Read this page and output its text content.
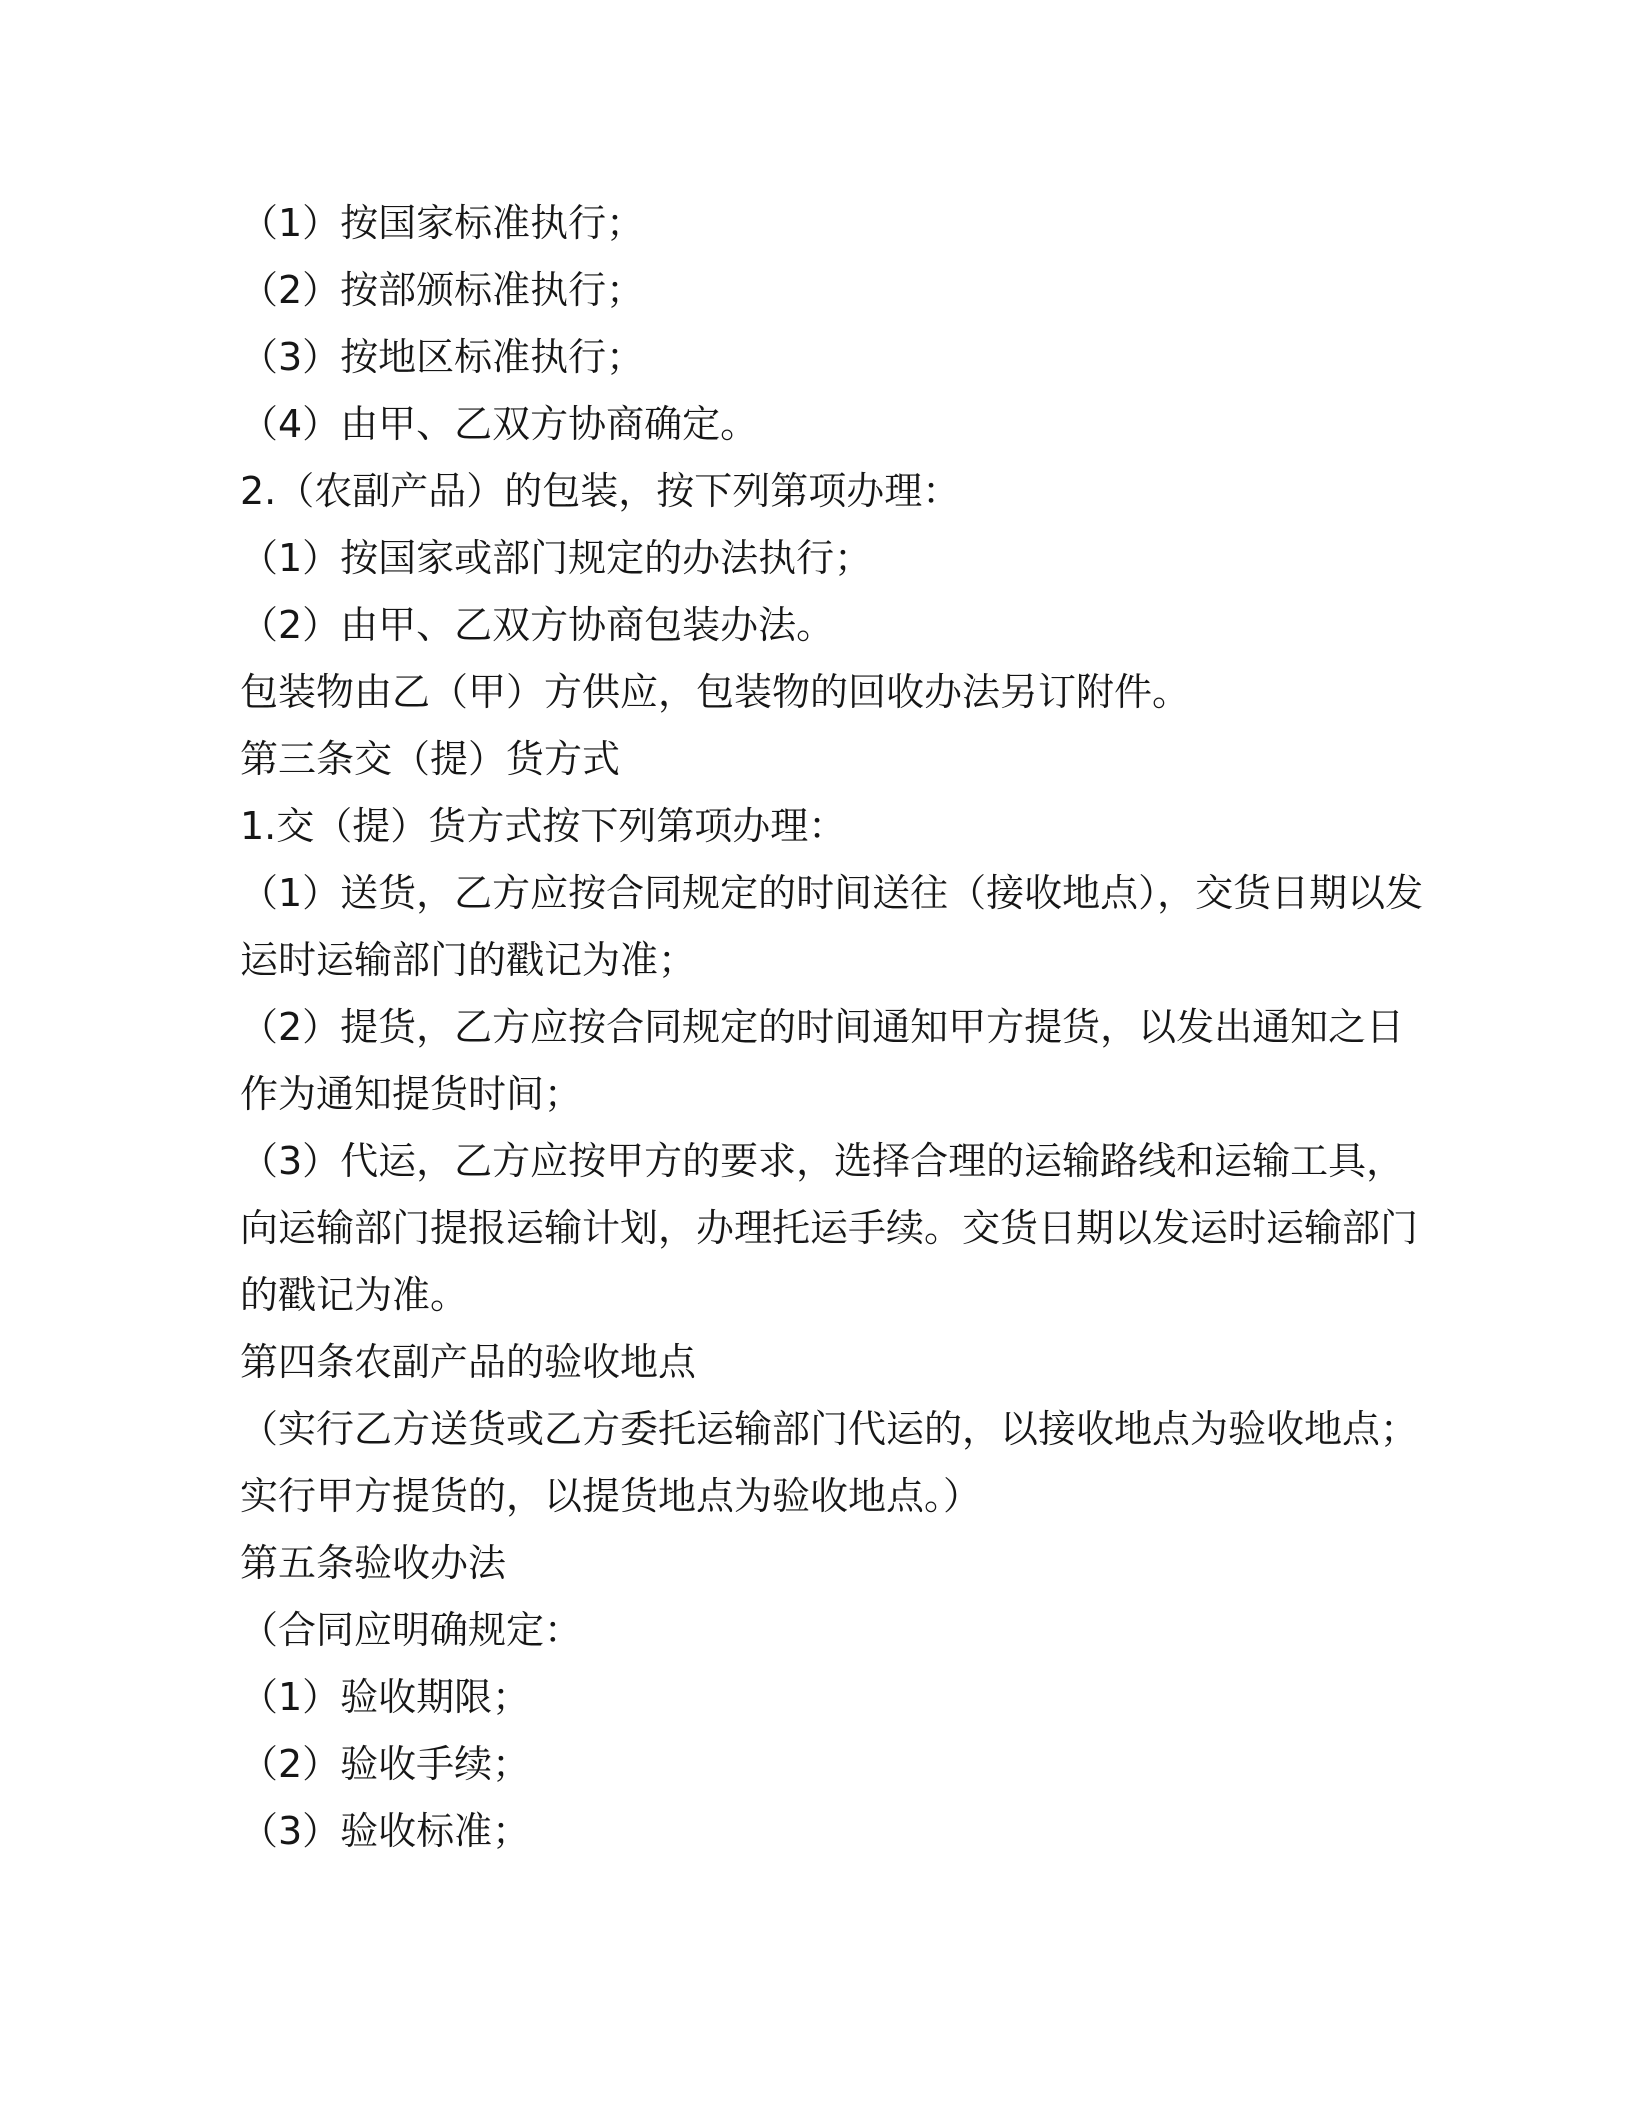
（1）按国家标准执行；

（2）按部颁标准执行；

（3）按地区标准执行；

（4）由甲、乙双方协商确定。

2.（农副产品）的包装，按下列第项办理：

（1）按国家或部门规定的办法执行；

（2）由甲、乙双方协商包装办法。

包装物由乙（甲）方供应，包装物的回收办法另订附件。

第三条交（提）货方式

1.交（提）货方式按下列第项办理：

（1）送货，乙方应按合同规定的时间送往（接收地点），交货日期以发

运时运输部门的戳记为准；

（2）提货，乙方应按合同规定的时间通知甲方提货，以发出通知之日

作为通知提货时间；

（3）代运，乙方应按甲方的要求，选择合理的运输路线和运输工具，

向运输部门提报运输计划，办理托运手续。交货日期以发运时运输部门

的戳记为准。

第四条农副产品的验收地点

（实行乙方送货或乙方委托运输部门代运的，以接收地点为验收地点；

实行甲方提货的，以提货地点为验收地点。）

第五条验收办法

（合同应明确规定：

（1）验收期限；

（2）验收手续；

（3）验收标准；
